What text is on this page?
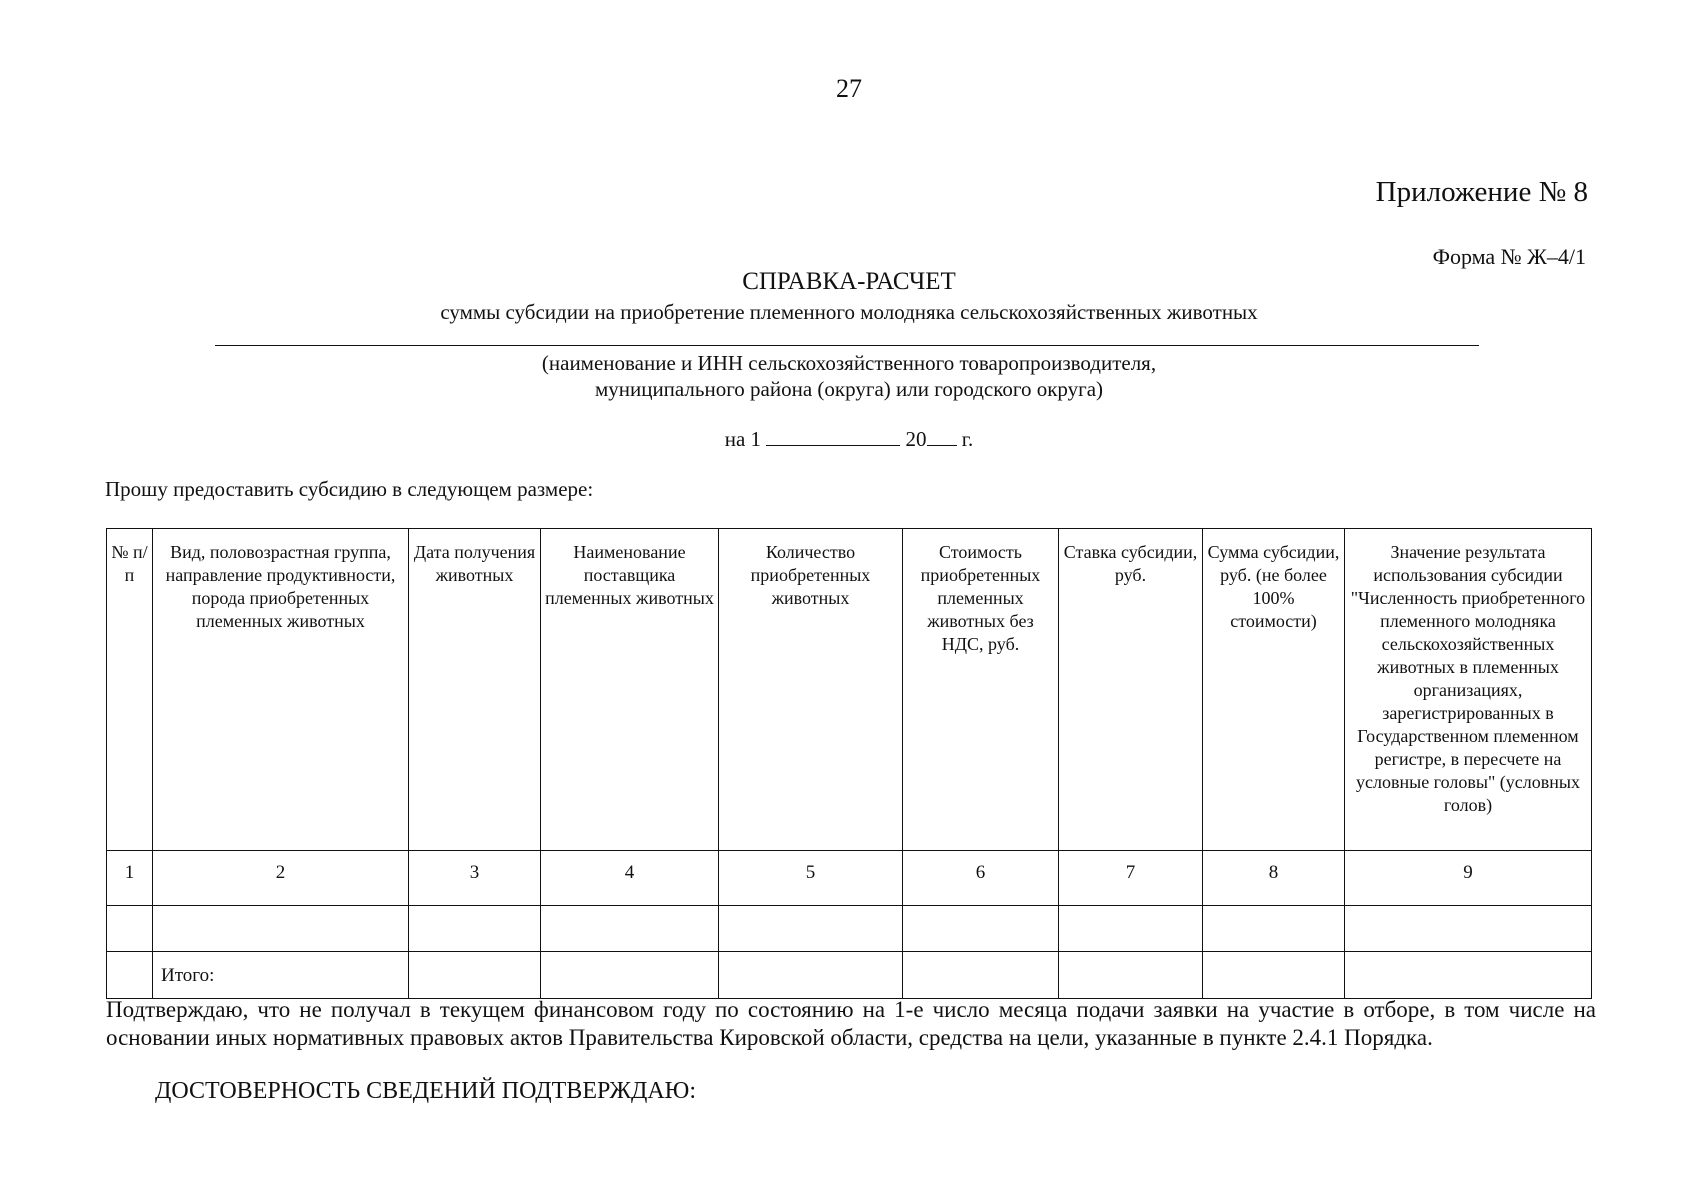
27
Приложение № 8
Форма № Ж–4/1
СПРАВКА-РАСЧЕТ
суммы субсидии на приобретение племенного молодняка сельскохозяйственных животных
(наименование и ИНН сельскохозяйственного товаропроизводителя,
муниципального района (округа) или городского округа)
на 1	20 г.
Прошу предоставить субсидию в следующем размере:
№ п/п	Вид, половозрастная группа, направление продуктивности, порода приобретенных племенных животных	Дата получения животных	Наименование поставщика племенных животных	Количество приобретенных животных	Стоимость приобретенных племенных животных без НДС, руб.	Ставка субсидии, руб.	Сумма субсидии, руб. (не более 100% стоимости)	Значение результата использования субсидии "Численность приобретенного племенного молодняка сельскохозяйственных животных в племенных организациях, зарегистрированных в Государственном племенном регистре, в пересчете на условные головы" (условных голов)
1	2	3	4	5	6	7	8	9

	Итого:							
Подтверждаю, что не получал в текущем финансовом году по состоянию на 1-е число месяца подачи заявки на участие в отборе, в том числе на основании иных нормативных правовых актов Правительства Кировской области, средства на цели, указанные в пункте 2.4.1 Порядка.
ДОСТОВЕРНОСТЬ СВЕДЕНИЙ ПОДТВЕРЖДАЮ:
